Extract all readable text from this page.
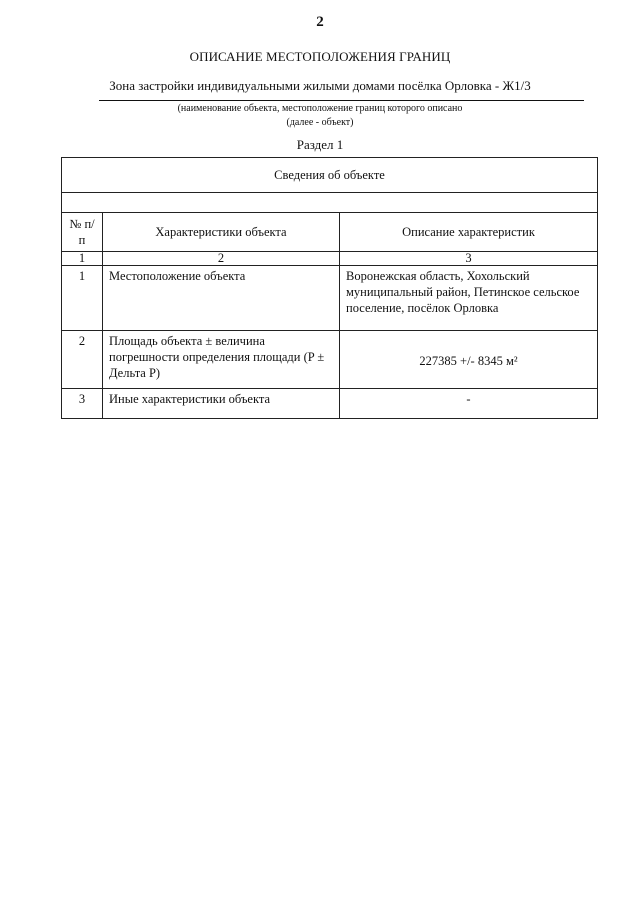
2
ОПИСАНИЕ МЕСТОПОЛОЖЕНИЯ ГРАНИЦ
Зона застройки индивидуальными жилыми домами посёлка Орловка - Ж1/3
(наименование объекта, местоположение границ которого описано
(далее - объект)
Раздел 1
Сведения об объекте		

№ п/п	Характеристики объекта	Описание характеристик
1	2	3
1	Местоположение объекта	Воронежская область, Хохольский муниципальный район, Петинское сельское поселение, посёлок Орловка
2	Площадь объекта ± величина погрешности определения площади (P ± Дельта P)	227385 +/- 8345 м²
3	Иные характеристики объекта	-
